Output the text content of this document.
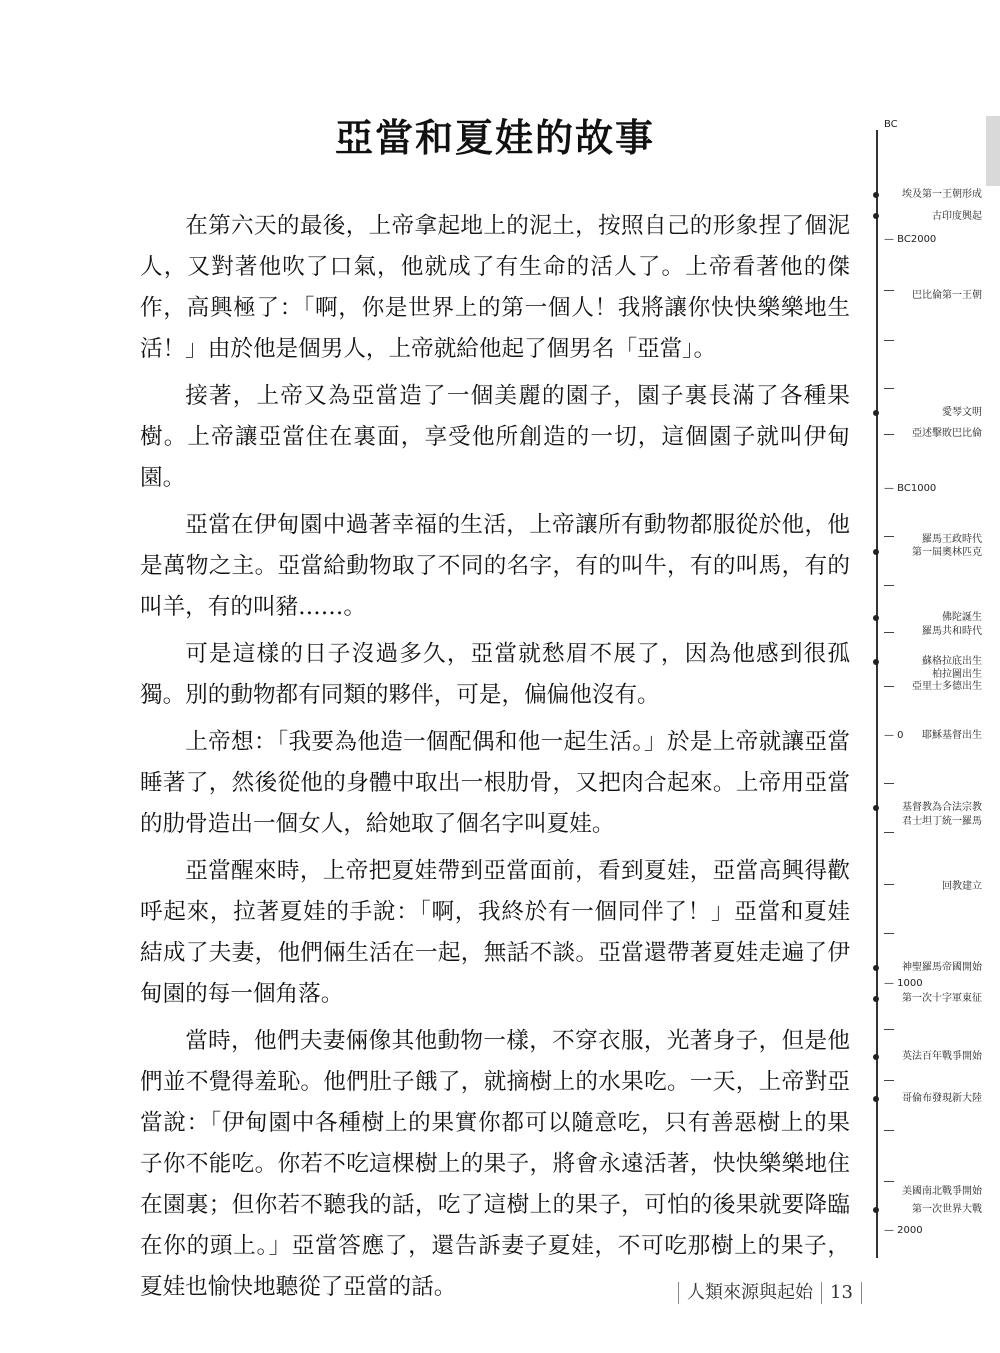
亞當和夏娃的故事

在第六天的最後，上帝拿起地上的泥土，按照自己的形象捏了個泥人，又對著他吹了口氣，他就成了有生命的活人了。上帝看著他的傑作，高興極了：「啊，你是世界上的第一個人！我將讓你快快樂樂地生活！」由於他是個男人，上帝就給他起了個男名「亞當」。

接著，上帝又為亞當造了一個美麗的園子，園子裏長滿了各種果樹。上帝讓亞當住在裏面，享受他所創造的一切，這個園子就叫伊甸園。

亞當在伊甸園中過著幸福的生活，上帝讓所有動物都服從於他，他是萬物之主。亞當給動物取了不同的名字，有的叫牛，有的叫馬，有的叫羊，有的叫豬……。

可是這樣的日子沒過多久，亞當就愁眉不展了，因為他感到很孤獨。別的動物都有同類的夥伴，可是，偏偏他沒有。

上帝想：「我要為他造一個配偶和他一起生活。」於是上帝就讓亞當睡著了，然後從他的身體中取出一根肋骨，又把肉合起來。上帝用亞當的肋骨造出一個女人，給她取了個名字叫夏娃。

亞當醒來時，上帝把夏娃帶到亞當面前，看到夏娃，亞當高興得歡呼起來，拉著夏娃的手說：「啊，我終於有一個同伴了！」亞當和夏娃結成了夫妻，他們倆生活在一起，無話不談。亞當還帶著夏娃走遍了伊甸園的每一個角落。

當時，他們夫妻倆像其他動物一樣，不穿衣服，光著身子，但是他們並不覺得羞恥。他們肚子餓了，就摘樹上的水果吃。一天，上帝對亞當說：「伊甸園中各種樹上的果實你都可以隨意吃，只有善惡樹上的果子你不能吃。你若不吃這棵樹上的果子，將會永遠活著，快快樂樂地住在園裏；但你若不聽我的話，吃了這樹上的果子，可怕的後果就要降臨在你的頭上。」亞當答應了，還告訴妻子夏娃，不可吃那樹上的果子，夏娃也愉快地聽從了亞當的話。

BC
埃及第一王朝形成
古印度興起
— BC2000
巴比倫第一王朝
愛琴文明
亞述擊敗巴比倫
— BC1000
羅馬王政時代
第一屆奧林匹克
佛陀誕生
羅馬共和時代
蘇格拉底出生
柏拉圖出生
亞里士多德出生
— 0	耶穌基督出生
基督教為合法宗教
君士坦丁統一羅馬
回教建立
神聖羅馬帝國開始
— 1000
第一次十字軍東征
英法百年戰爭開始
哥倫布發現新大陸
美國南北戰爭開始
第一次世界大戰
— 2000
人類來源與起始 13
